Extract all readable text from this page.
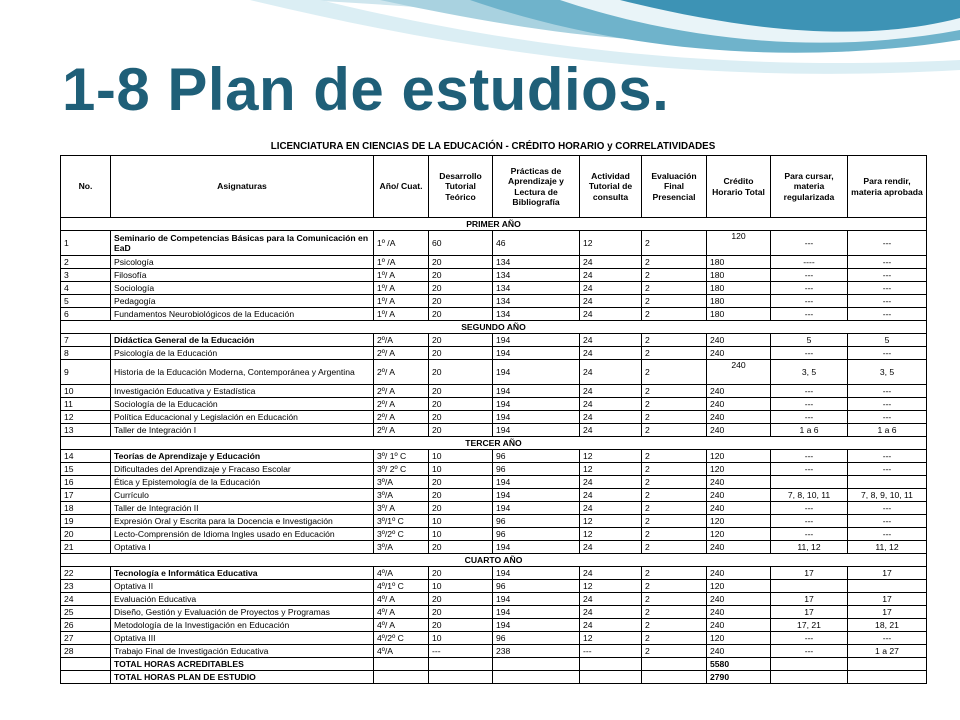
1-8 Plan de estudios.
LICENCIATURA EN CIENCIAS DE LA EDUCACIÓN - CRÉDITO HORARIO y CORRELATIVIDADES
No.	Asignaturas	Año/ Cuat.	Desarrollo Tutorial Teórico	Prácticas de Aprendizaje y Lectura de Bibliografía	Actividad Tutorial de consulta	Evaluación Final Presencial	Crédito Horario Total	Para cursar, materia regularizada	Para rendir, materia aprobada
PRIMER AÑO									
1	Seminario de Competencias Básicas para la Comunicación en EaD	1º /A	60	46	12	2	120	---	---
2	Psicología	1º /A	20	134	24	2	180	----	---
3	Filosofía	1º/ A	20	134	24	2	180	---	---
4	Sociología	1º/ A	20	134	24	2	180	---	---
5	Pedagogía	1º/ A	20	134	24	2	180	---	---
6	Fundamentos Neurobiológicos de la Educación	1º/ A	20	134	24	2	180	---	---
SEGUNDO AÑO									
7	Didáctica General de la Educación	2º/A	20	194	24	2	240	5	5
8	Psicología de la Educación	2º/ A	20	194	24	2	240	---	---
9	Historia de la Educación Moderna, Contemporánea y Argentina	2º/ A	20	194	24	2	240	3, 5	3, 5
10	Investigación Educativa y Estadística	2º/ A	20	194	24	2	240	---	---
11	Sociología de la Educación	2º/ A	20	194	24	2	240	---	---
12	Política Educacional y Legislación en Educación	2º/ A	20	194	24	2	240	---	---
13	Taller de Integración I	2º/ A	20	194	24	2	240	1 a 6	1 a 6
TERCER AÑO									
14	Teorías de Aprendizaje y Educación	3º/ 1º C	10	96	12	2	120	---	---
15	Dificultades del Aprendizaje y Fracaso Escolar	3º/ 2º C	10	96	12	2	120	---	---
16	Ética y Epistemología de la Educación	3º/A	20	194	24	2	240		
17	Currículo	3º/A	20	194	24	2	240	7, 8, 10, 11	7, 8, 9, 10, 11
18	Taller de Integración II	3º/ A	20	194	24	2	240	---	---
19	Expresión Oral y Escrita para la Docencia e Investigación	3º/1º C	10	96	12	2	120	---	---
20	Lecto-Comprensión de Idioma Ingles usado en Educación	3º/2º C	10	96	12	2	120	---	---
21	Optativa I	3º/A	20	194	24	2	240	11, 12	11, 12
CUARTO AÑO									
22	Tecnología e Informática Educativa	4º/A	20	194	24	2	240	17	17
23	Optativa II	4º/1º C	10	96	12	2	120		
24	Evaluación Educativa	4º/ A	20	194	24	2	240	17	17
25	Diseño, Gestión y Evaluación de Proyectos y Programas	4º/ A	20	194	24	2	240	17	17
26	Metodología de la Investigación en Educación	4º/ A	20	194	24	2	240	17, 21	18, 21
27	Optativa III	4º/2º C	10	96	12	2	120	---	---
28	Trabajo Final de Investigación Educativa	4º/A	---	238	---	2	240	---	1 a 27
	TOTAL HORAS ACREDITABLES						5580		
	TOTAL HORAS PLAN DE ESTUDIO						2790		
